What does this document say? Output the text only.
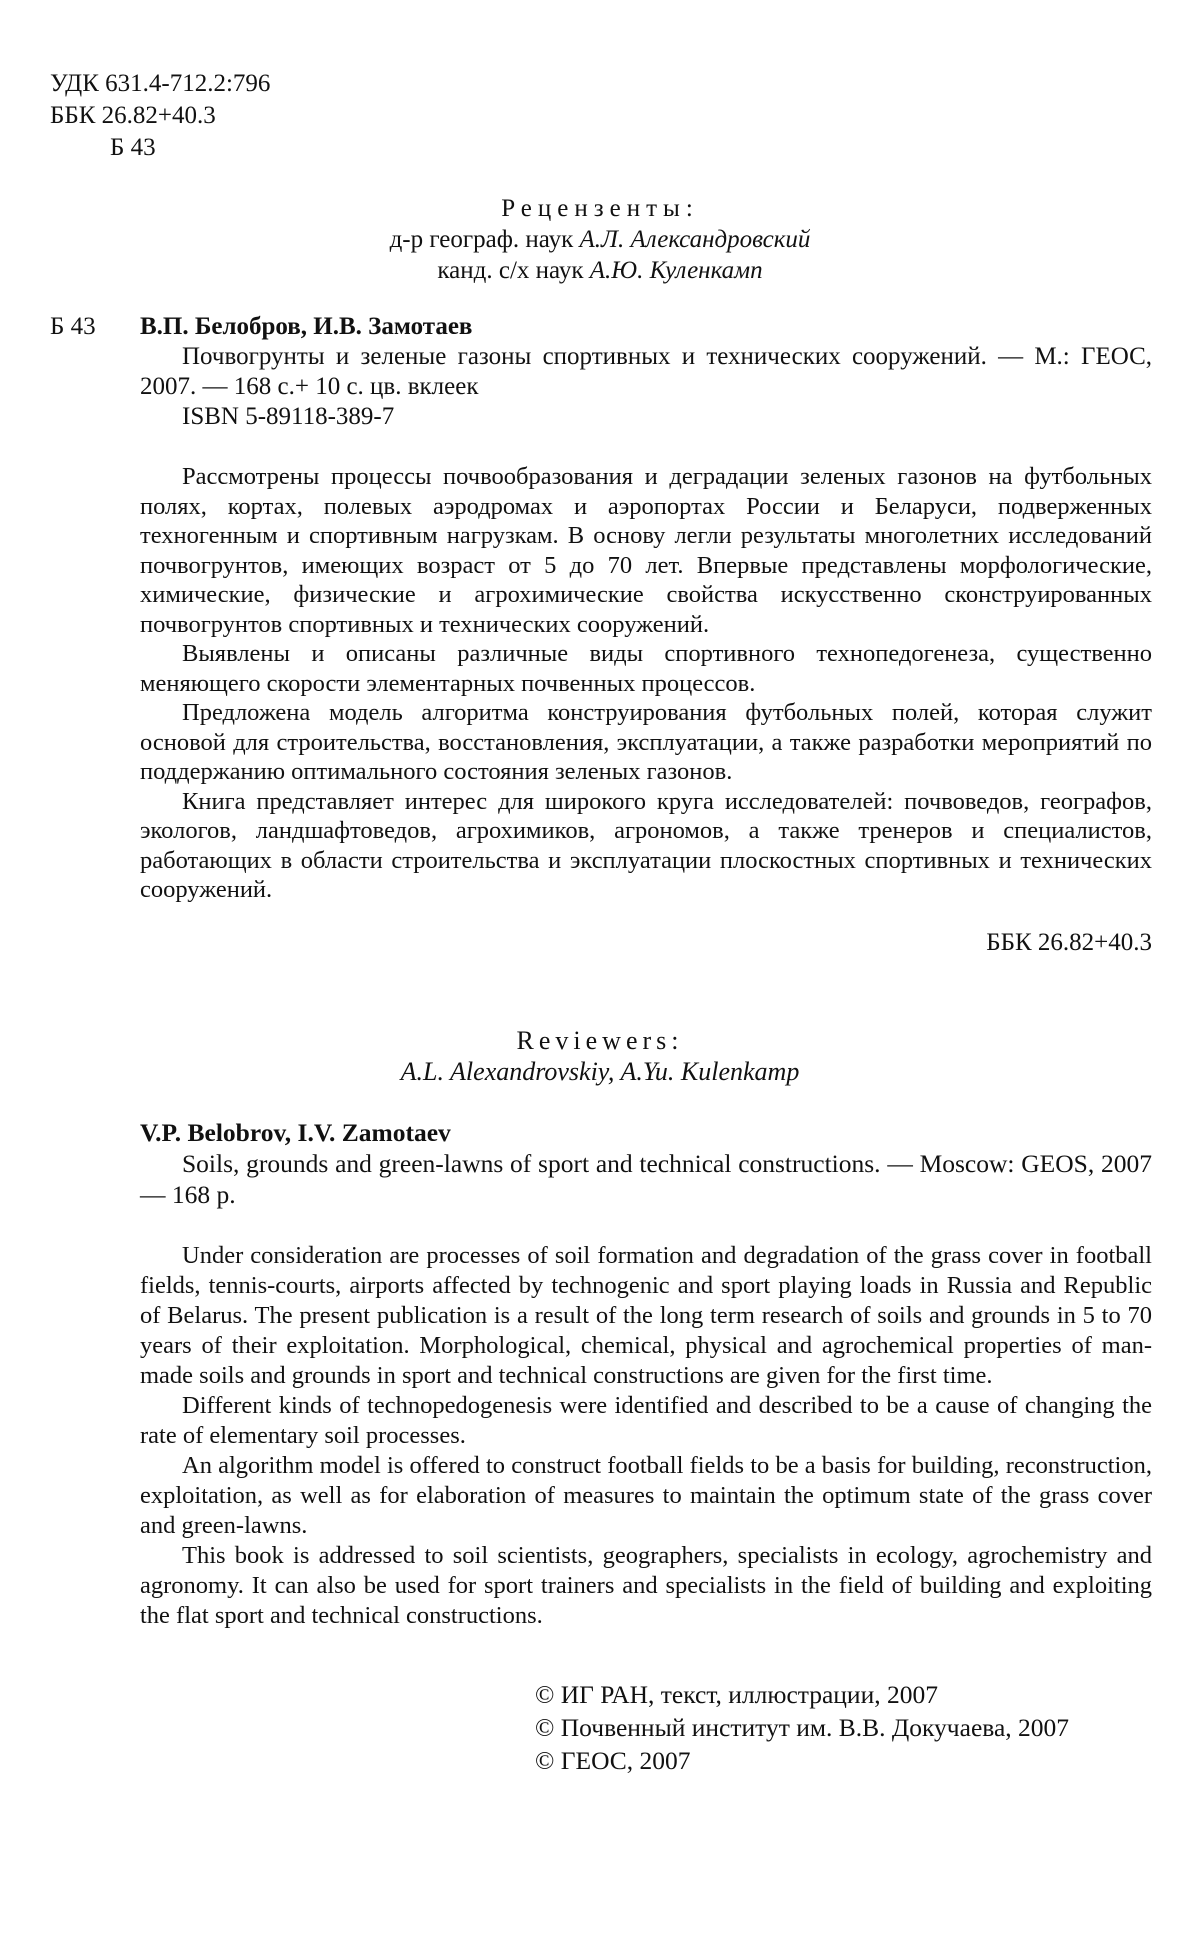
УДК 631.4-712.2:796
ББК 26.82+40.3
Б 43
Рецензенты:
д-р географ. наук А.Л. Александровский
канд. с/х наук А.Ю. Куленкамп
Б 43 В.П. Белобров, И.В. Замотаев
Почвогрунты и зеленые газоны спортивных и технических сооружений. — М.: ГЕОС, 2007. — 168 с.+ 10 с. цв. вклеек
ISBN 5-89118-389-7

Рассмотрены процессы почвообразования и деградации зеленых газонов на футбольных полях, кортах, полевых аэродромах и аэропортах России и Беларуси, подверженных техногенным и спортивным нагрузкам. В основу легли результаты многолетних исследований почвогрунтов, имеющих возраст от 5 до 70 лет. Впервые представлены морфологические, химические, физические и агрохимические свойства искусственно сконструированных почвогрунтов спортивных и технических сооружений.

Выявлены и описаны различные виды спортивного технопедогенеза, существенно меняющего скорости элементарных почвенных процессов.

Предложена модель алгоритма конструирования футбольных полей, которая служит основой для строительства, восстановления, эксплуатации, а также разработки мероприятий по поддержанию оптимального состояния зеленых газонов.

Книга представляет интерес для широкого круга исследователей: почвоведов, географов, экологов, ландшафтоведов, агрохимиков, агрономов, а также тренеров и специалистов, работающих в области строительства и эксплуатации плоскостных спортивных и технических сооружений.

ББК 26.82+40.3
Reviewers:
A.L. Alexandrovskiy, A.Yu. Kulenkamp
V.P. Belobrov, I.V. Zamotaev
Soils, grounds and green-lawns of sport and technical constructions. — Moscow: GEOS, 2007 — 168 p.

Under consideration are processes of soil formation and degradation of the grass cover in football fields, tennis-courts, airports affected by technogenic and sport playing loads in Russia and Republic of Belarus. The present publication is a result of the long term research of soils and grounds in 5 to 70 years of their exploitation. Morphological, chemical, physical and agrochemical properties of man-made soils and grounds in sport and technical constructions are given for the first time.

Different kinds of technopedogenesis were identified and described to be a cause of changing the rate of elementary soil processes.

An algorithm model is offered to construct football fields to be a basis for building, reconstruction, exploitation, as well as for elaboration of measures to maintain the optimum state of the grass cover and green-lawns.

This book is addressed to soil scientists, geographers, specialists in ecology, agrochemistry and agronomy. It can also be used for sport trainers and specialists in the field of building and exploiting the flat sport and technical constructions.

© ИГ РАН, текст, иллюстрации, 2007
© Почвенный институт им. В.В. Докучаева, 2007
© ГЕОС, 2007
